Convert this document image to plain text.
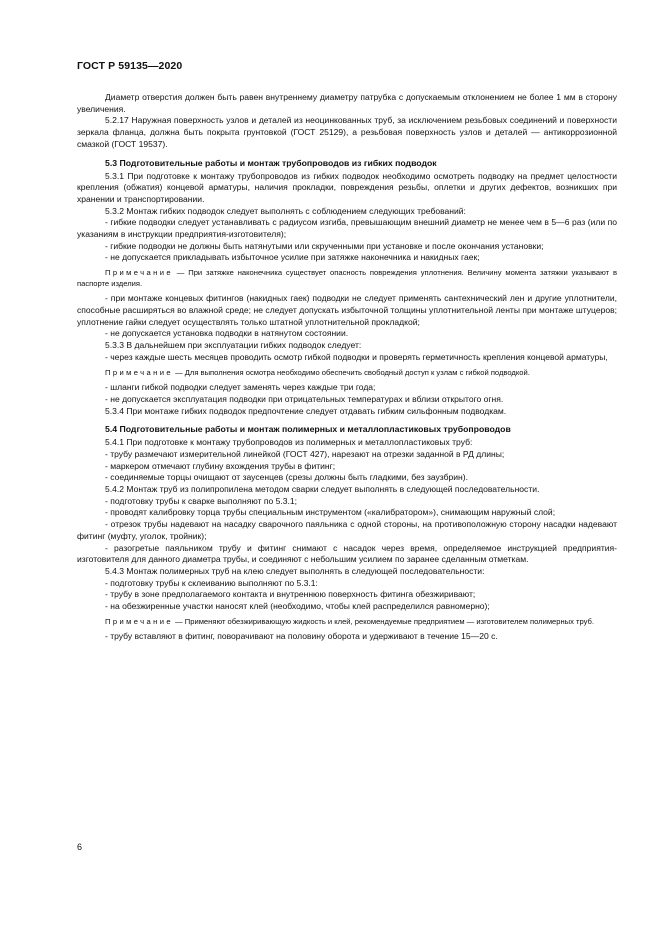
ГОСТ Р 59135—2020

Диаметр отверстия должен быть равен внутреннему диаметру патрубка с допускаемым отклонением не более 1 мм в сторону увеличения.

5.2.17 Наружная поверхность узлов и деталей из неоцинкованных труб, за исключением резьбовых соединений и поверхности зеркала фланца, должна быть покрыта грунтовкой (ГОСТ 25129), а резьбовая поверхность узлов и деталей — антикоррозионной смазкой (ГОСТ 19537).

5.3 Подготовительные работы и монтаж трубопроводов из гибких подводок

5.3.1 При подготовке к монтажу трубопроводов из гибких подводок необходимо осмотреть подводку на предмет целостности крепления (обжатия) концевой арматуры, наличия прокладки, повреждения резьбы, оплетки и других дефектов, возникших при хранении и транспортировании.

5.3.2 Монтаж гибких подводок следует выполнять с соблюдением следующих требований:

- гибкие подводки следует устанавливать с радиусом изгиба, превышающим внешний диаметр не менее чем в 5—6 раз (или по указаниям в инструкции предприятия-изготовителя);

- гибкие подводки не должны быть натянутыми или скрученными при установке и после окончания установки;

- не допускается прикладывать избыточное усилие при затяжке наконечника и накидных гаек;

Примечание — При затяжке наконечника существует опасность повреждения уплотнения. Величину момента затяжки указывают в паспорте изделия.

- при монтаже концевых фитингов (накидных гаек) подводки не следует применять сантехнический лен и другие уплотнители, способные расширяться во влажной среде; не следует допускать избыточной толщины уплотнительной ленты при монтаже штуцеров; уплотнение гайки следует осуществлять только штатной уплотнительной прокладкой;

- не допускается установка подводки в натянутом состоянии.

5.3.3 В дальнейшем при эксплуатации гибких подводок следует:

- через каждые шесть месяцев проводить осмотр гибкой подводки и проверять герметичность крепления концевой арматуры,

Примечание — Для выполнения осмотра необходимо обеспечить свободный доступ к узлам с гибкой подводкой.

- шланги гибкой подводки следует заменять через каждые три года;

- не допускается эксплуатация подводки при отрицательных температурах и вблизи открытого огня.

5.3.4 При монтаже гибких подводок предпочтение следует отдавать гибким сильфонным подводкам.

5.4 Подготовительные работы и монтаж полимерных и металлопластиковых трубопроводов

5.4.1 При подготовке к монтажу трубопроводов из полимерных и металлопластиковых труб:

- трубу размечают измерительной линейкой (ГОСТ 427), нарезают на отрезки заданной в РД длины;

- маркером отмечают глубину вхождения трубы в фитинг;

- соединяемые торцы очищают от заусенцев (срезы должны быть гладкими, без заузбрин).

5.4.2 Монтаж труб из полипропилена методом сварки следует выполнять в следующей последовательности.

- подготовку трубы к сварке выполняют по 5.3.1;

- проводят калибровку торца трубы специальным инструментом («калибратором»), снимающим наружный слой;

- отрезок трубы надевают на насадку сварочного паяльника с одной стороны, на противоположную сторону насадки надевают фитинг (муфту, уголок, тройник);

- разогретые паяльником трубу и фитинг снимают с насадок через время, определяемое инструкцией предприятия-изготовителя для данного диаметра трубы, и соединяют с небольшим усилием по заранее сделанным отметкам.

5.4.3 Монтаж полимерных труб на клею следует выполнять в следующей последовательности:

- подготовку трубы к склеиванию выполняют по 5.3.1:

- трубу в зоне предполагаемого контакта и внутреннюю поверхность фитинга обезжиривают;

- на обезжиренные участки наносят клей (необходимо, чтобы клей распределился равномерно);

Примечание — Применяют обезжиривающую жидкость и клей, рекомендуемые предприятием — изготовителем полимерных труб.

- трубу вставляют в фитинг, поворачивают на половину оборота и удерживают в течение 15—20 с.

6
